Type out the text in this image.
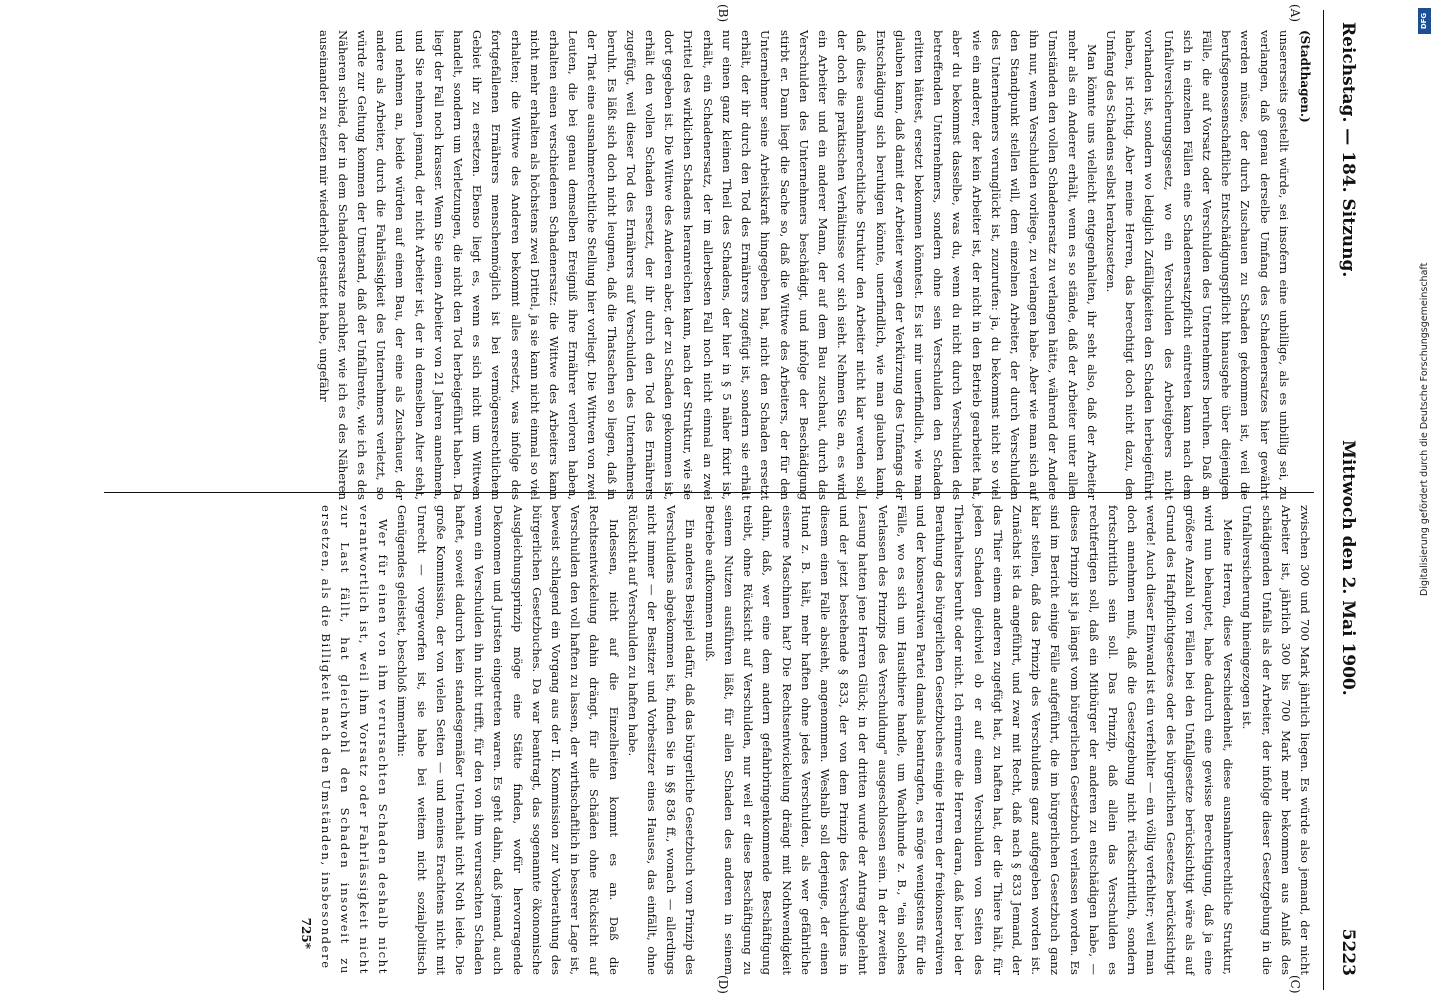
Reichstag. — 184. Sitzung.
Mittwoch den 2. Mai 1900.
5223
(A)
(B)
(C)
(D)
(Stadthagen.)

unsererseits gestellt würde, sei insofern eine unbillige, als es unbillig sei, zu verlangen, daß genau derselbe Umfang des Schadenersatzes hier gewährt werden müsse, der durch Zuschauen zu Schaden gekommen ist, weil die berufsgenossenschaftliche Entschädigungspflicht hinausgehe über diejenigen Fälle, die auf Vorsatz oder Verschulden des Unternehmers beruhen. Daß an sich in einzelnen Fällen eine Schadenersatzpflicht eintreten kann nach dem Unfallversicherungsgesetz, wo ein Verschulden des Arbeitgebers nicht vorhanden ist, sondern wo lediglich Zufälligkeiten den Schaden herbeigeführt haben, ist richtig. Aber meine Herren, das berechtigt doch nicht dazu, den Umfang des Schadens selbst herabzusetzen.

Man könnte uns vielleicht entgegenhalten, ihr seht also, daß der Arbeiter mehr als ein Anderer erhält, wenn es so stände, daß der Arbeiter unter allen Umständen den vollen Schadenersatz zu verlangen hätte, während der Andere ihn nur, wenn Verschulden vorliege, zu verlangen habe. Aber wie man sich auf den Standpunkt stellen will, dem einzelnen Arbeiter, der durch Verschulden des Unternehmers verunglückt ist, zuzurufen: ja, du bekommst nicht so viel wie ein anderer, der kein Arbeiter ist, der nicht in den Betrieb gearbeitet hat, aber du bekommst dasselbe, was du, wenn du nicht durch Verschulden des betreffenden Unternehmers, sondern ohne sein Verschulden den Schaden erlitten hättest, ersetzt bekommen könntest. Es ist mir unerfindlich, wie man glauben kann, daß damit der Arbeiter wegen der Verkürzung des Umfangs der Entschädigung sich beruhigen könnte, unerfindlich, wie man glauben kann, daß diese ausnahmerechtliche Struktur den Arbeiter nicht klar werden soll, der doch die praktischen Verhältnisse vor sich sieht. Nehmen Sie an, es wird ein Arbeiter und ein anderer Mann, der auf dem Bau zuschaut, durch das Verschulden des Unternehmers beschädigt, und infolge der Beschädigung stirbt er. Dann liegt die Sache so, daß die Wittwe des Arbeiters, der für den Unternehmer seine Arbeitskraft hingegeben hat, nicht den Schaden ersetzt erhält, der ihr durch den Tod des Ernährers zugefügt ist, sondern sie erhält nur einen ganz kleinen Theil des Schadens, der hier in § 5 näher fixirt ist, erhält, ein Schadenersatz, der im allerbesten Fall noch nicht einmal an zwei Drittel des wirklichen Schadens heranreichen kann, nach der Struktur, wie sie dort gegeben ist. Die Wittwe des Anderen aber, der zu Schaden gekommen ist, erhält den vollen Schaden ersetzt, der ihr durch den Tod des Ernährers zugefügt, weil dieser Tod des Ernährers auf Verschulden des Unternehmers beruht. Es läßt sich doch nicht leugnen, daß die Thatsachen so liegen, daß in der That eine ausnahmerechtliche Stellung hier vorliegt. Die Wittwen von zwei Leuten, die bei genau demselben Ereigniß ihre Ernährer verloren haben, erhalten einen verschiedenen Schadenersatz: die Wittwe des Arbeiters kann nicht mehr erhalten als höchstens zwei Drittel, ja sie kann nicht einmal so viel erhalten; die Wittwe des Anderen bekommt alles ersetzt, was infolge des fortgefallenen Ernährers menschenmöglich ist bei vermögensrechtlichem Gebiet ihr zu ersetzen. Ebenso liegt es, wenn es sich nicht um Wittwen handelt, sondern um Verletzungen, die nicht den Tod herbeigeführt haben. Da liegt der Fall noch krasser. Wenn Sie einen Arbeiter von 21 Jahren annehmen, und Sie nehmen jemand, der nicht Arbeiter ist, der in demselben Alter steht, und nehmen an, beide würden auf einem Bau, der eine als Zuschauer, der andere als Arbeiter, durch die Fahrlässigkeit des Unternehmers verletzt, so würde zur Geltung kommen der Umstand, daß der Unfallrente, wie ich es des Näheren schied, der in dem Schadenersatze nachher, wie ich es des Näheren auseinander zu setzen mir wiederholt gestattet habe, ungefähr

zwischen 300 und 700 Mark jährlich liegen. Es würde also jemand, der nicht Arbeiter ist, jährlich 300 bis 700 Mark mehr bekommen aus Anlaß des schädigenden Unfalls als der Arbeiter, der infolge dieser Gesetzgebung in die Unfallversicherung hineingezogen ist.

Meine Herren, diese Verschiedenheit, diese ausnahmerechtliche Struktur, wird nun behauptet, habe dadurch eine gewisse Berechtigung, daß ja eine größere Anzahl von Fällen bei den Unfallgesetze berücksichtigt wäre als auf Grund des Haftpflichtgesetzes oder des bürgerlichen Gesetzes berücksichtigt werde! Auch dieser Einwand ist ein verfehlter — ein völlig verfehlter; weil man doch annehmen muß, daß die Gesetzgebung nicht rückschrittlich, sondern fortschrittlich sein soll. Das Prinzip, daß allein das Verschulden es rechtfertigen soll, daß ein Mitbürger der anderen zu entschädigen habe, — dieses Prinzip ist ja längst vom bürgerlichen Gesetzbuch verlassen worden. Es sind im Bericht einige Fälle aufgeführt, die im bürgerlichen Gesetzbuch ganz klar stellen, daß das Prinzip des Verschuldens ganz aufgegeben worden ist. Zunächst ist da angeführt, und zwar mit Recht, daß nach § 833 Jemand, der das Thier einem anderen zugefügt hat, zu haften hat, der die Thiere hält, für jeden Schaden gleichviel ob er auf einem Verschulden von Seiten des Thierhalters beruht oder nicht. Ich erinnere die Herren daran, daß hier bei der Berathung des bürgerlichen Gesetzbuches einige Herren der freikonservativen und der konservativen Partei damals beantragten, es möge wenigstens für die Fälle, wo es sich um Hausthiere handle, um Wachhunde z. B., "ein solches Verlassen des Prinzips des Verschuldung" ausgeschlossen sein. In der zweiten Lesung hatten jene Herren Glück; in der dritten wurde der Antrag abgelehnt und der jetzt bestehende § 833, der von dem Prinzip des Verschuldens in diesem einen Falle absieht, angenommen. Weshalb soll derjenige, der einen Hund z. B. hält, mehr haften ohne jedes Verschulden, als wer gefährliche eiserne Maschinen hat? Die Rechtsentwickelung drängt mit Nothwendigkeit dahin, daß, wer eine dem andern gefahrbringenkommende Beschäftigung treibt, ohne Rücksicht auf Verschulden, nur weil er diese Beschäftigung zu seinem Nutzen ausführen läßt, für allen Schaden des anderen in seinem Betriebe aufkommen muß.

Ein anderes Beispiel dafür, daß das bürgerliche Gesetzbuch vom Prinzip des Verschuldens abgekommen ist, finden Sie in §§ 836 ff., wonach — allerdings nicht immer — der Besitzer und Vorbesitzer eines Hauses, das einfällt, ohne Rücksicht auf Verschulden zu haften habe.

Indessen, nicht auf die Einzelheiten kommt es an. Daß die Rechtsentwickelung dahin drängt, für alle Schäden ohne Rücksicht auf Verschulden den voll haften zu lassen, der wirthschaftlich in besserer Lage ist, beweist schlagend ein Vorgang aus der II. Kommission zur Vorberathung des bürgerlichen Gesetzbuches. Da war beantragt, das sogenannte ökonomische Ausgleichungsprinzip möge eine Stätte finden, wofür hervorragende Dekonomen und Juristen eingetreten waren. Es geht dahin, daß jemand, auch wenn ein Verschulden ihn nicht trifft, für den von ihm verursachten Schaden haftet, soweit dadurch kein standesgemäßer Unterhalt nicht Noth leide. Die große Kommission, der von vielen Seiten — und meines Erachtens nicht mit Unrecht — vorgeworfen ist, sie habe bei weitem nicht sozialpolitisch Genügendes geleistet, beschloß immerhin:

Wer für einen von ihm verursachten Schaden deshalb nicht verantwortlich ist, weil ihm Vorsatz oder Fahrlässigkeit nicht zur Last fällt, hat gleichwohl den Schaden insoweit zu ersetzen, als die Billigkeit nach den Umständen, insbesondere

725*
DFG
Digitalisierung gefördert durch die Deutsche Forschungsgemeinschaft
